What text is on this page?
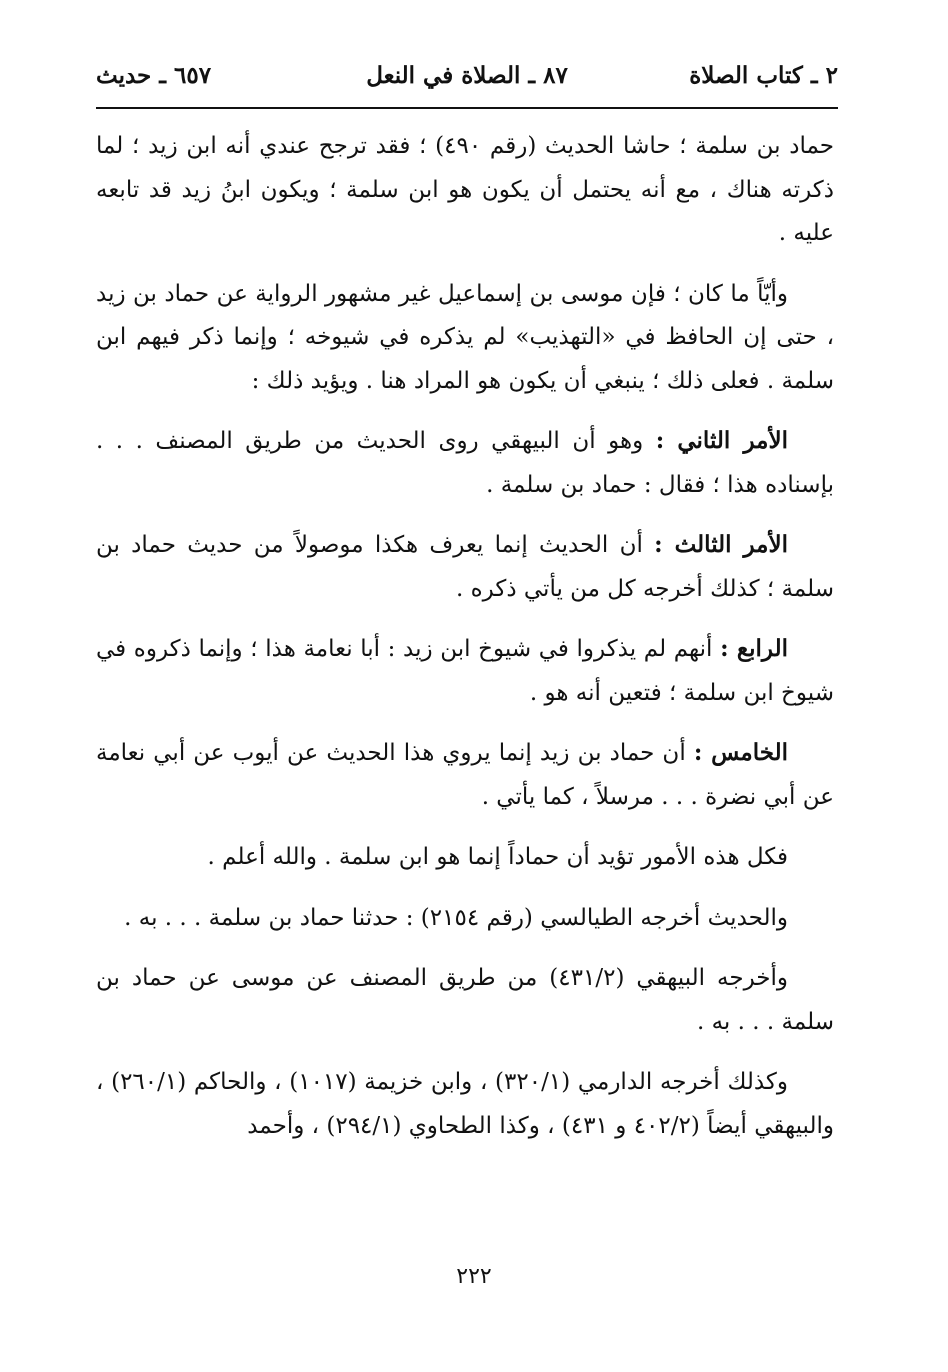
٢ ـ كتاب الصلاة
٨٧ ـ الصلاة في النعل
٦٥٧ ـ حديث

حماد بن سلمة ؛ حاشا الحديث (رقم ٤٩٠) ؛ فقد ترجح عندي أنه ابن زيد ؛ لما ذكرته هناك ، مع أنه يحتمل أن يكون هو ابن سلمة ؛ ويكون ابنُ زيد قد تابعه عليه .

وأيّاً ما كان ؛ فإن موسى بن إسماعيل غير مشهور الرواية عن حماد بن زيد ، حتى إن الحافظ في «التهذيب» لم يذكره في شيوخه ؛ وإنما ذكر فيهم ابن سلمة . فعلى ذلك ؛ ينبغي أن يكون هو المراد هنا . ويؤيد ذلك :

الأمر الثاني : وهو أن البيهقي روى الحديث من طريق المصنف . . . بإسناده هذا ؛ فقال : حماد بن سلمة .

الأمر الثالث : أن الحديث إنما يعرف هكذا موصولاً من حديث حماد بن سلمة ؛ كذلك أخرجه كل من يأتي ذكره .

الرابع : أنهم لم يذكروا في شيوخ ابن زيد : أبا نعامة هذا ؛ وإنما ذكروه في شيوخ ابن سلمة ؛ فتعين أنه هو .

الخامس : أن حماد بن زيد إنما يروي هذا الحديث عن أيوب عن أبي نعامة عن أبي نضرة . . . مرسلاً ، كما يأتي .

فكل هذه الأمور تؤيد أن حماداً إنما هو ابن سلمة . والله أعلم .

والحديث أخرجه الطيالسي (رقم ٢١٥٤) : حدثنا حماد بن سلمة . . . به .

وأخرجه البيهقي (٤٣١/٢) من طريق المصنف عن موسى عن حماد بن سلمة . . . به .

وكذلك أخرجه الدارمي (٣٢٠/١) ، وابن خزيمة (١٠١٧) ، والحاكم (٢٦٠/١) ، والبيهقي أيضاً (٤٠٢/٢ و ٤٣١) ، وكذا الطحاوي (٢٩٤/١) ، وأحمد

٢٢٢
